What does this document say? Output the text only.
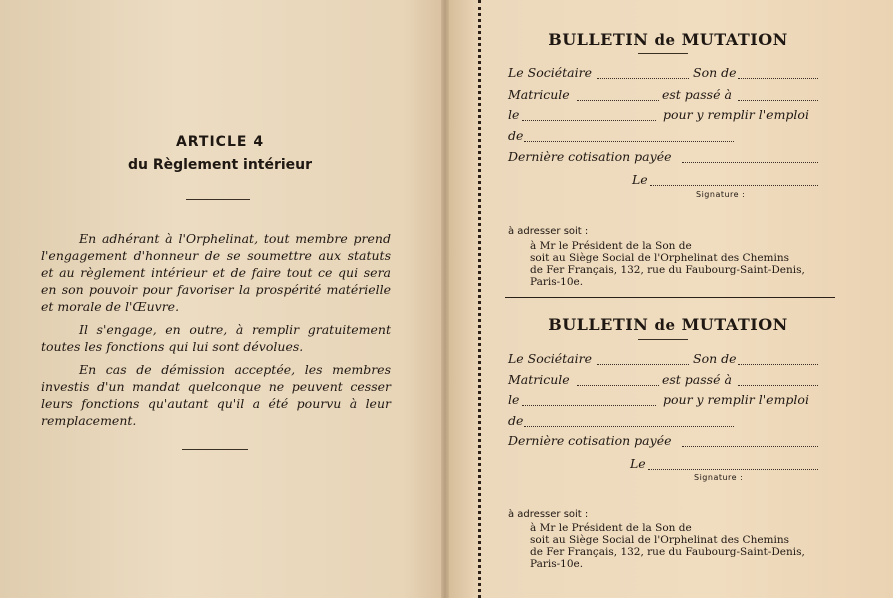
ARTICLE 4
du Règlement intérieur
En adhérant à l'Orphelinat, tout membre prend l'engagement d'honneur de se soumettre aux statuts et au règlement intérieur et de faire tout ce qui sera en son pouvoir pour favoriser la prospérité matérielle et morale de l'Œuvre.
Il s'engage, en outre, à remplir gratuitement toutes les fonctions qui lui sont dévolues.
En cas de démission acceptée, les membres investis d'un mandat quelconque ne peuvent cesser leurs fonctions qu'autant qu'il a été pourvu à leur remplacement.
BULLETIN de MUTATION
Le Sociétaire	Son de
Matricule	est passé à
le	pour y remplir l'emploi
de
Dernière cotisation payée
Le
Signature :
à adresser soit :
à Mr le Président de la Son de
soit au Siège Social de l'Orphelinat des Chemins
de Fer Français, 132, rue du Faubourg-Saint-Denis,
Paris-10e.
BULLETIN de MUTATION
Le Sociétaire	Son de
Matricule	est passé à
le	pour y remplir l'emploi
de
Dernière cotisation payée
Le
Signature :
à adresser soit :
à Mr le Président de la Son de
soit au Siège Social de l'Orphelinat des Chemins
de Fer Français, 132, rue du Faubourg-Saint-Denis,
Paris-10e.
